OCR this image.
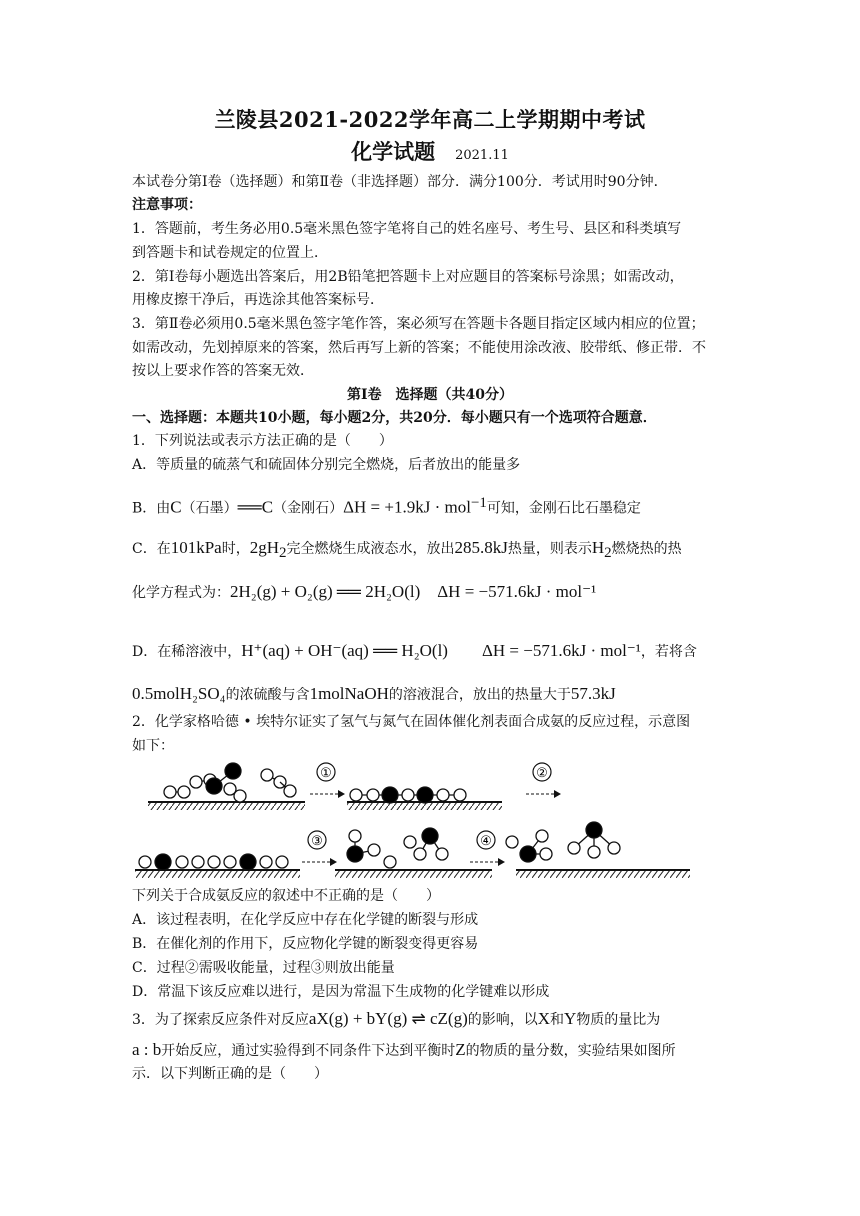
兰陵县2021-2022学年高二上学期期中考试
化学试题 2021.11
本试卷分第Ⅰ卷（选择题）和第Ⅱ卷（非选择题）部分．满分100分．考试用时90分钟．
注意事项：
1．答题前，考生务必用0.5毫米黑色签字笔将自己的姓名座号、考生号、县区和科类填写
到答题卡和试卷规定的位置上．
2．第Ⅰ卷每小题选出答案后，用2B铅笔把答题卡上对应题目的答案标号涂黑；如需改动，
用橡皮擦干净后，再选涂其他答案标号．
3．第Ⅱ卷必须用0.5毫米黑色签字笔作答，案必须写在答题卡各题目指定区域内相应的位置；
如需改动，先划掉原来的答案，然后再写上新的答案；不能使用涂改液、胶带纸、修正带．不
按以上要求作答的答案无效．
第Ⅰ卷　选择题（共40分）
一、选择题：本题共10小题，每小题2分，共20分．每小题只有一个选项符合题意．
1．下列说法或表示方法正确的是（　　）
A．等质量的硫蒸气和硫固体分别完全燃烧，后者放出的能量多
B．由C（石墨）══C（金刚石）ΔH = +1.9kJ · mol$^{-1}$可知，金刚石比石墨稳定
C．在101kPa时，$2gH_2$完全燃烧生成液态水，放出285.8kJ热量，则表示$H_2$燃烧热的热
化学方程式为：2H₂(g) + O₂(g) ══ 2H₂O(l)　ΔH = −571.6kJ · mol⁻¹
D．在稀溶液中，H⁺(aq) + OH⁻(aq) ══ H₂O(l)　　ΔH = −571.6kJ · mol⁻¹，若将含
0.5molH₂SO₄的浓硫酸与含1molNaOH的溶液混合，放出的热量大于57.3kJ
2．化学家格哈德 • 埃特尔证实了氢气与氮气在固体催化剂表面合成氨的反应过程，示意图
如下：
①	②
③	④
下列关于合成氨反应的叙述中不正确的是（　　）
A．该过程表明，在化学反应中存在化学键的断裂与形成
B．在催化剂的作用下，反应物化学键的断裂变得更容易
C．过程②需吸收能量，过程③则放出能量
D．常温下该反应难以进行，是因为常温下生成物的化学键难以形成
3．为了探索反应条件对反应aX(g) + bY(g) ⇌ cZ(g)的影响，以X和Y物质的量比为
a : b开始反应，通过实验得到不同条件下达到平衡时Z的物质的量分数，实验结果如图所
示．以下判断正确的是（　　）
